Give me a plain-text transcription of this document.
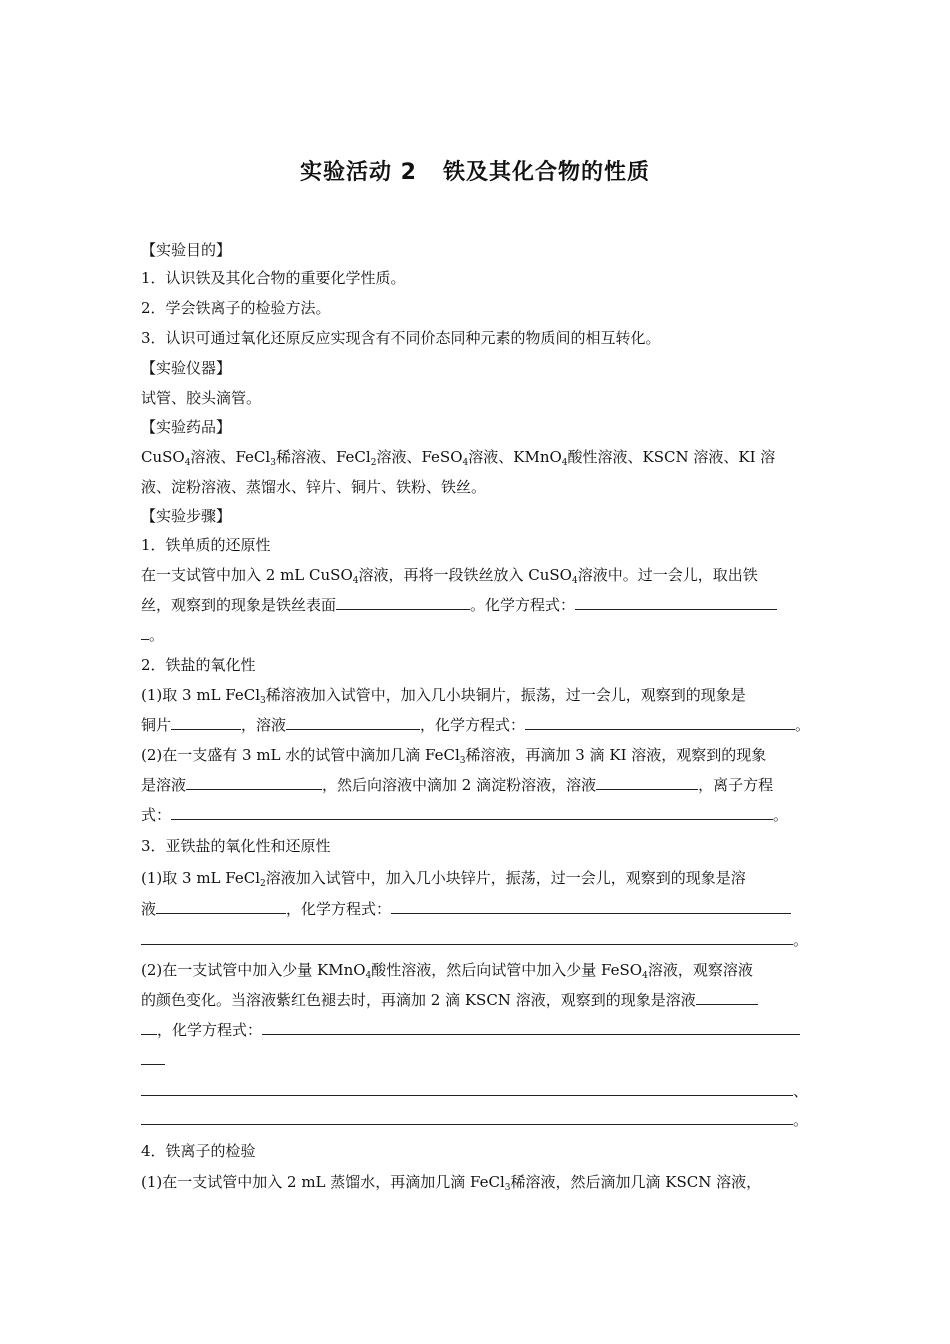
实验活动 2 铁及其化合物的性质
【实验目的】
1．认识铁及其化合物的重要化学性质。
2．学会铁离子的检验方法。
3．认识可通过氧化还原反应实现含有不同价态同种元素的物质间的相互转化。
【实验仪器】
试管、胶头滴管。
【实验药品】
CuSO$_4$溶液、FeCl$_3$稀溶液、FeCl$_2$溶液、FeSO$_4$溶液、KMnO$_4$酸性溶液、KSCN 溶液、KI 溶
液、淀粉溶液、蒸馏水、锌片、铜片、铁粉、铁丝。
【实验步骤】
1．铁单质的还原性
在一支试管中加入 2 mL CuSO$_4$溶液，再将一段铁丝放入 CuSO$_4$溶液中。过一会儿，取出铁
丝，观察到的现象是铁丝表面	。化学方程式：
。
2．铁盐的氧化性
(1)取 3 mL FeCl$_3$稀溶液加入试管中，加入几小块铜片，振荡，过一会儿，观察到的现象是
铜片	，溶液	，化学方程式：	。
(2)在一支盛有 3 mL 水的试管中滴加几滴 FeCl$_3$稀溶液，再滴加 3 滴 KI 溶液，观察到的现象
是溶液	，然后向溶液中滴加 2 滴淀粉溶液，溶液	，离子方程
式：	。
3．亚铁盐的氧化性和还原性
(1)取 3 mL FeCl$_2$溶液加入试管中，加入几小块锌片，振荡，过一会儿，观察到的现象是溶
液	，化学方程式：
。
(2)在一支试管中加入少量 KMnO$_4$酸性溶液，然后向试管中加入少量 FeSO$_4$溶液，观察溶液
的颜色变化。当溶液紫红色褪去时，再滴加 2 滴 KSCN 溶液，观察到的现象是溶液
，化学方程式：
、
。
4．铁离子的检验
(1)在一支试管中加入 2 mL 蒸馏水，再滴加几滴 FeCl$_3$稀溶液，然后滴加几滴 KSCN 溶液，
